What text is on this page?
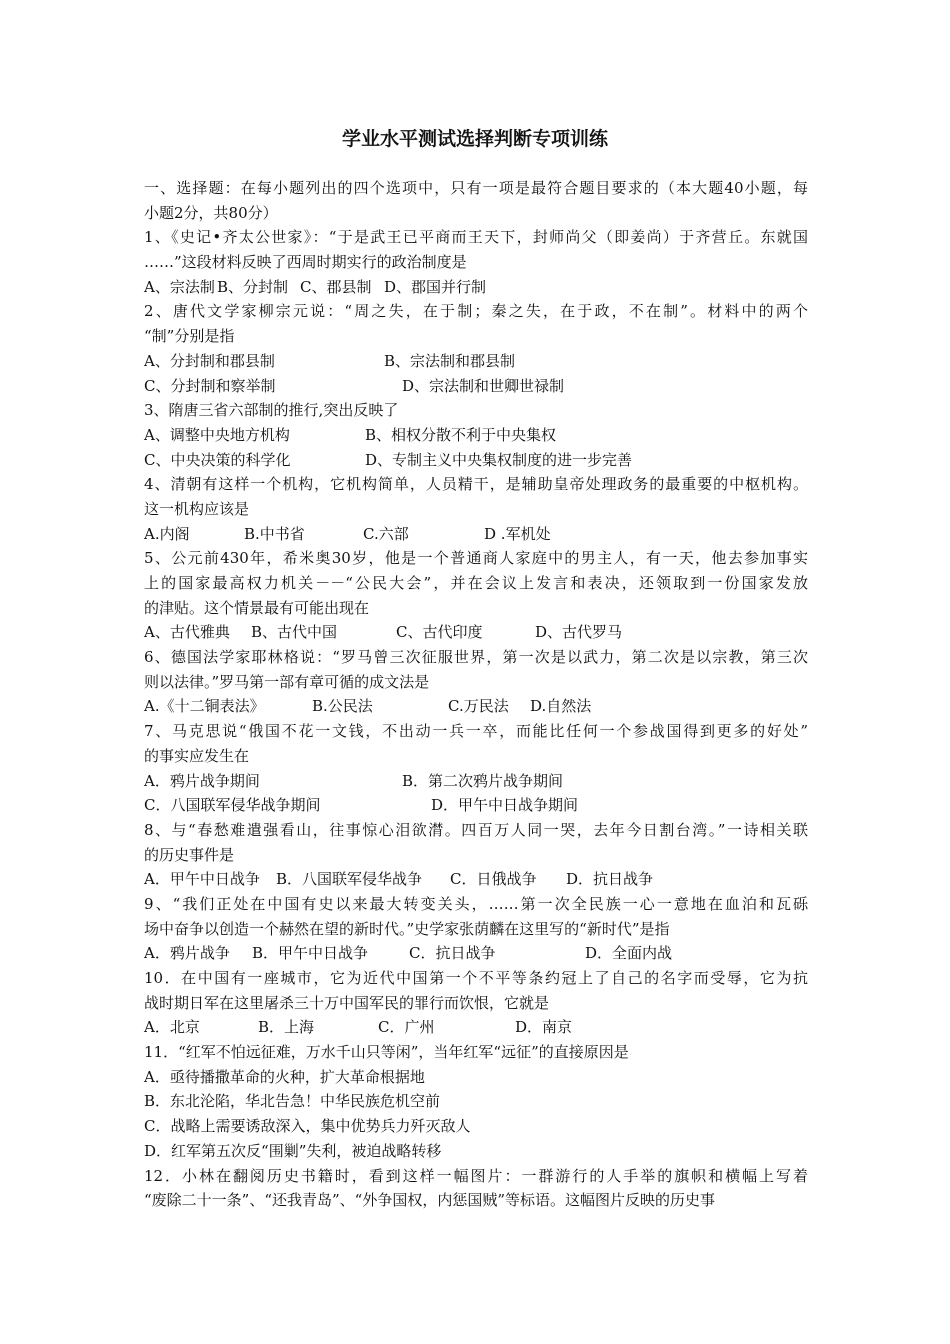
学业水平测试选择判断专项训练
一、选择题：在每小题列出的四个选项中，只有一项是最符合题目要求的（本大题40小题，每
小题2分，共80分）
1、《史记•齐太公世家》：“于是武王已平商而王天下，封师尚父（即姜尚）于齐营丘。东就国
……”这段材料反映了西周时期实行的政治制度是
A、宗法制 B、分封制 C、郡县制 D、郡国并行制
2、唐代文学家柳宗元说：“周之失，在于制；秦之失，在于政，不在制”。材料中的两个
“制”分别是指
A、分封制和郡县制	B、宗法制和郡县制
C、分封制和察举制	D、宗法制和世卿世禄制
3、隋唐三省六部制的推行,突出反映了
A、调整中央地方机构	B、相权分散不利于中央集权
C、中央决策的科学化	D、专制主义中央集权制度的进一步完善
4、清朝有这样一个机构，它机构简单，人员精干，是辅助皇帝处理政务的最重要的中枢机构。
这一机构应该是
A.内阁	B.中书省	C.六部	D .军机处
5、公元前430年，希米奥30岁，他是一个普通商人家庭中的男主人，有一天，他去参加事实
上的国家最高权力机关－－“公民大会”，并在会议上发言和表决，还领取到一份国家发放
的津贴。这个情景最有可能出现在
A、古代雅典 B、古代中国	C、古代印度	D、古代罗马
6、德国法学家耶林格说：“罗马曾三次征服世界，第一次是以武力，第二次是以宗教，第三次
则以法律。”罗马第一部有章可循的成文法是
A.《十二铜表法》	B.公民法	C.万民法 D.自然法
7、马克思说“俄国不花一文钱，不出动一兵一卒，而能比任何一个参战国得到更多的好处”
的事实应发生在
A．鸦片战争期间	B．第二次鸦片战争期间
C．八国联军侵华战争期间	D．甲午中日战争期间
8、与“春愁难遣强看山，往事惊心泪欲潸。四百万人同一哭，去年今日割台湾。”一诗相关联
的历史事件是
A．甲午中日战争 B．八国联军侵华战争 C．日俄战争 D．抗日战争
9、“我们正处在中国有史以来最大转变关头，……第一次全民族一心一意地在血泊和瓦砾
场中奋争以创造一个赫然在望的新时代。”史学家张荫麟在这里写的“新时代”是指
A．鸦片战争 B．甲午中日战争	C．抗日战争	D．全面内战
10．在中国有一座城市，它为近代中国第一个不平等条约冠上了自己的名字而受辱，它为抗
战时期日军在这里屠杀三十万中国军民的罪行而饮恨，它就是
A．北京	B．上海	C．广州	D．南京
11．“红军不怕远征难，万水千山只等闲”，当年红军“远征”的直接原因是
A．亟待播撒革命的火种，扩大革命根据地
B．东北沦陷，华北告急！中华民族危机空前
C．战略上需要诱敌深入，集中优势兵力歼灭敌人
D．红军第五次反“围剿”失利，被迫战略转移
12．小林在翻阅历史书籍时，看到这样一幅图片：一群游行的人手举的旗帜和横幅上写着
“废除二十一条”、“还我青岛”、“外争国权，内惩国贼”等标语。这幅图片反映的历史事
